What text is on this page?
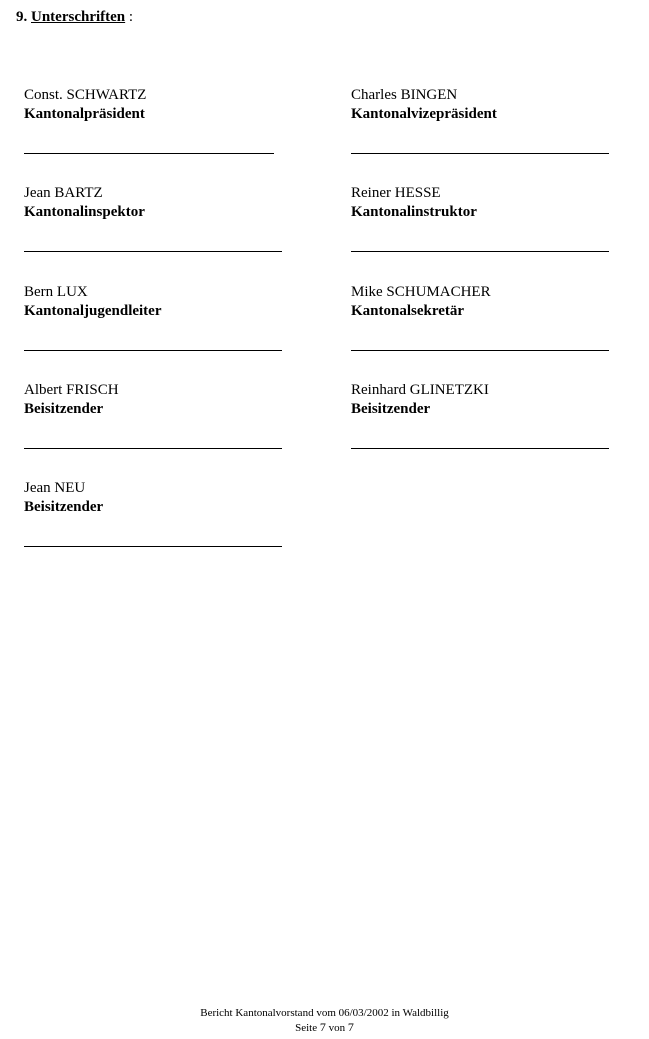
9. Unterschriften :
Const. SCHWARTZ
Kantonalpräsident
Charles BINGEN
Kantonalvizepräsident
Jean BARTZ
Kantonalinspektor
Reiner HESSE
Kantonalinstruktor
Bern LUX
Kantonaljugendleiter
Mike SCHUMACHER
Kantonalsekretär
Albert FRISCH
Beisitzender
Reinhard GLINETZKI
Beisitzender
Jean NEU
Beisitzender
Bericht Kantonalvorstand vom 06/03/2002 in Waldbillig
Seite 7 von 7
